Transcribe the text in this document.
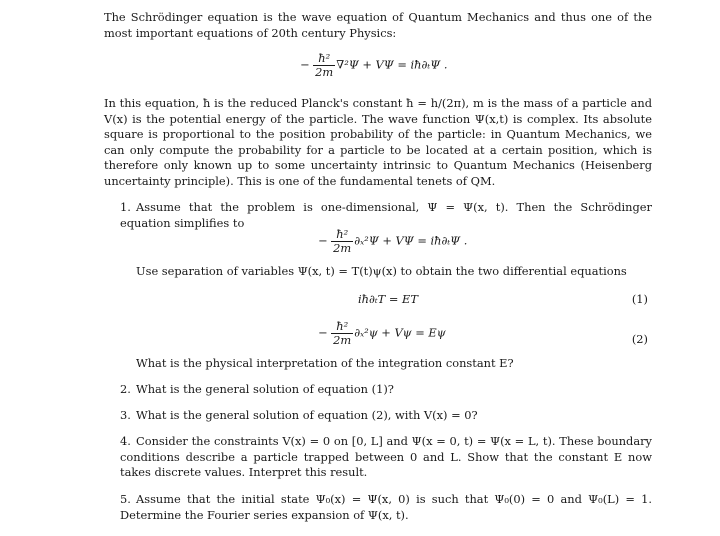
The Schrödinger equation is the wave equation of Quantum Mechanics and thus one of the most important equations of 20th century Physics:

− $\frac{\text{ħ²}}{2m} \nabla^2\Psi + V\Psi$ = iħ∂ₜΨ .

In this equation, ħ is the reduced Planck's constant ħ = h/(2π), m is the mass of a particle and V(x) is the potential energy of the particle. The wave function Ψ(x,t) is complex. Its absolute square is proportional to the position probability of the particle: in Quantum Mechanics, we can only compute the probability for a particle to be located at a certain position, which is therefore only known up to some uncertainty intrinsic to Quantum Mechanics (Heisenberg uncertainty principle). This is one of the fundamental tenets of QM.

1. Assume that the problem is one-dimensional, Ψ = Ψ(x, t). Then the Schrödinger equation simplifies to

− $\frac{\text{ħ²}}{2m} \partial_x^2\Psi + V\Psi$ = iħ∂ₜΨ .

Use separation of variables Ψ(x, t) = T(t)ψ(x) to obtain the two differential equations

iħ∂ₜT = ET	(1)
− $\frac{\text{ħ²}}{2m} \partial_x^2\psi + V\psi = E\psi$	(2)

What is the physical interpretation of the integration constant E?

2. What is the general solution of equation (1)?

3. What is the general solution of equation (2), with V(x) = 0?

4. Consider the constraints V(x) = 0 on [0, L] and Ψ(x = 0, t) = Ψ(x = L, t). These boundary conditions describe a particle trapped between 0 and L. Show that the constant E now takes discrete values. Interpret this result.

5. Assume that the initial state Ψ₀(x) = Ψ(x, 0) is such that Ψ₀(0) = 0 and Ψ₀(L) = 1. Determine the Fourier series expansion of Ψ(x, t).
